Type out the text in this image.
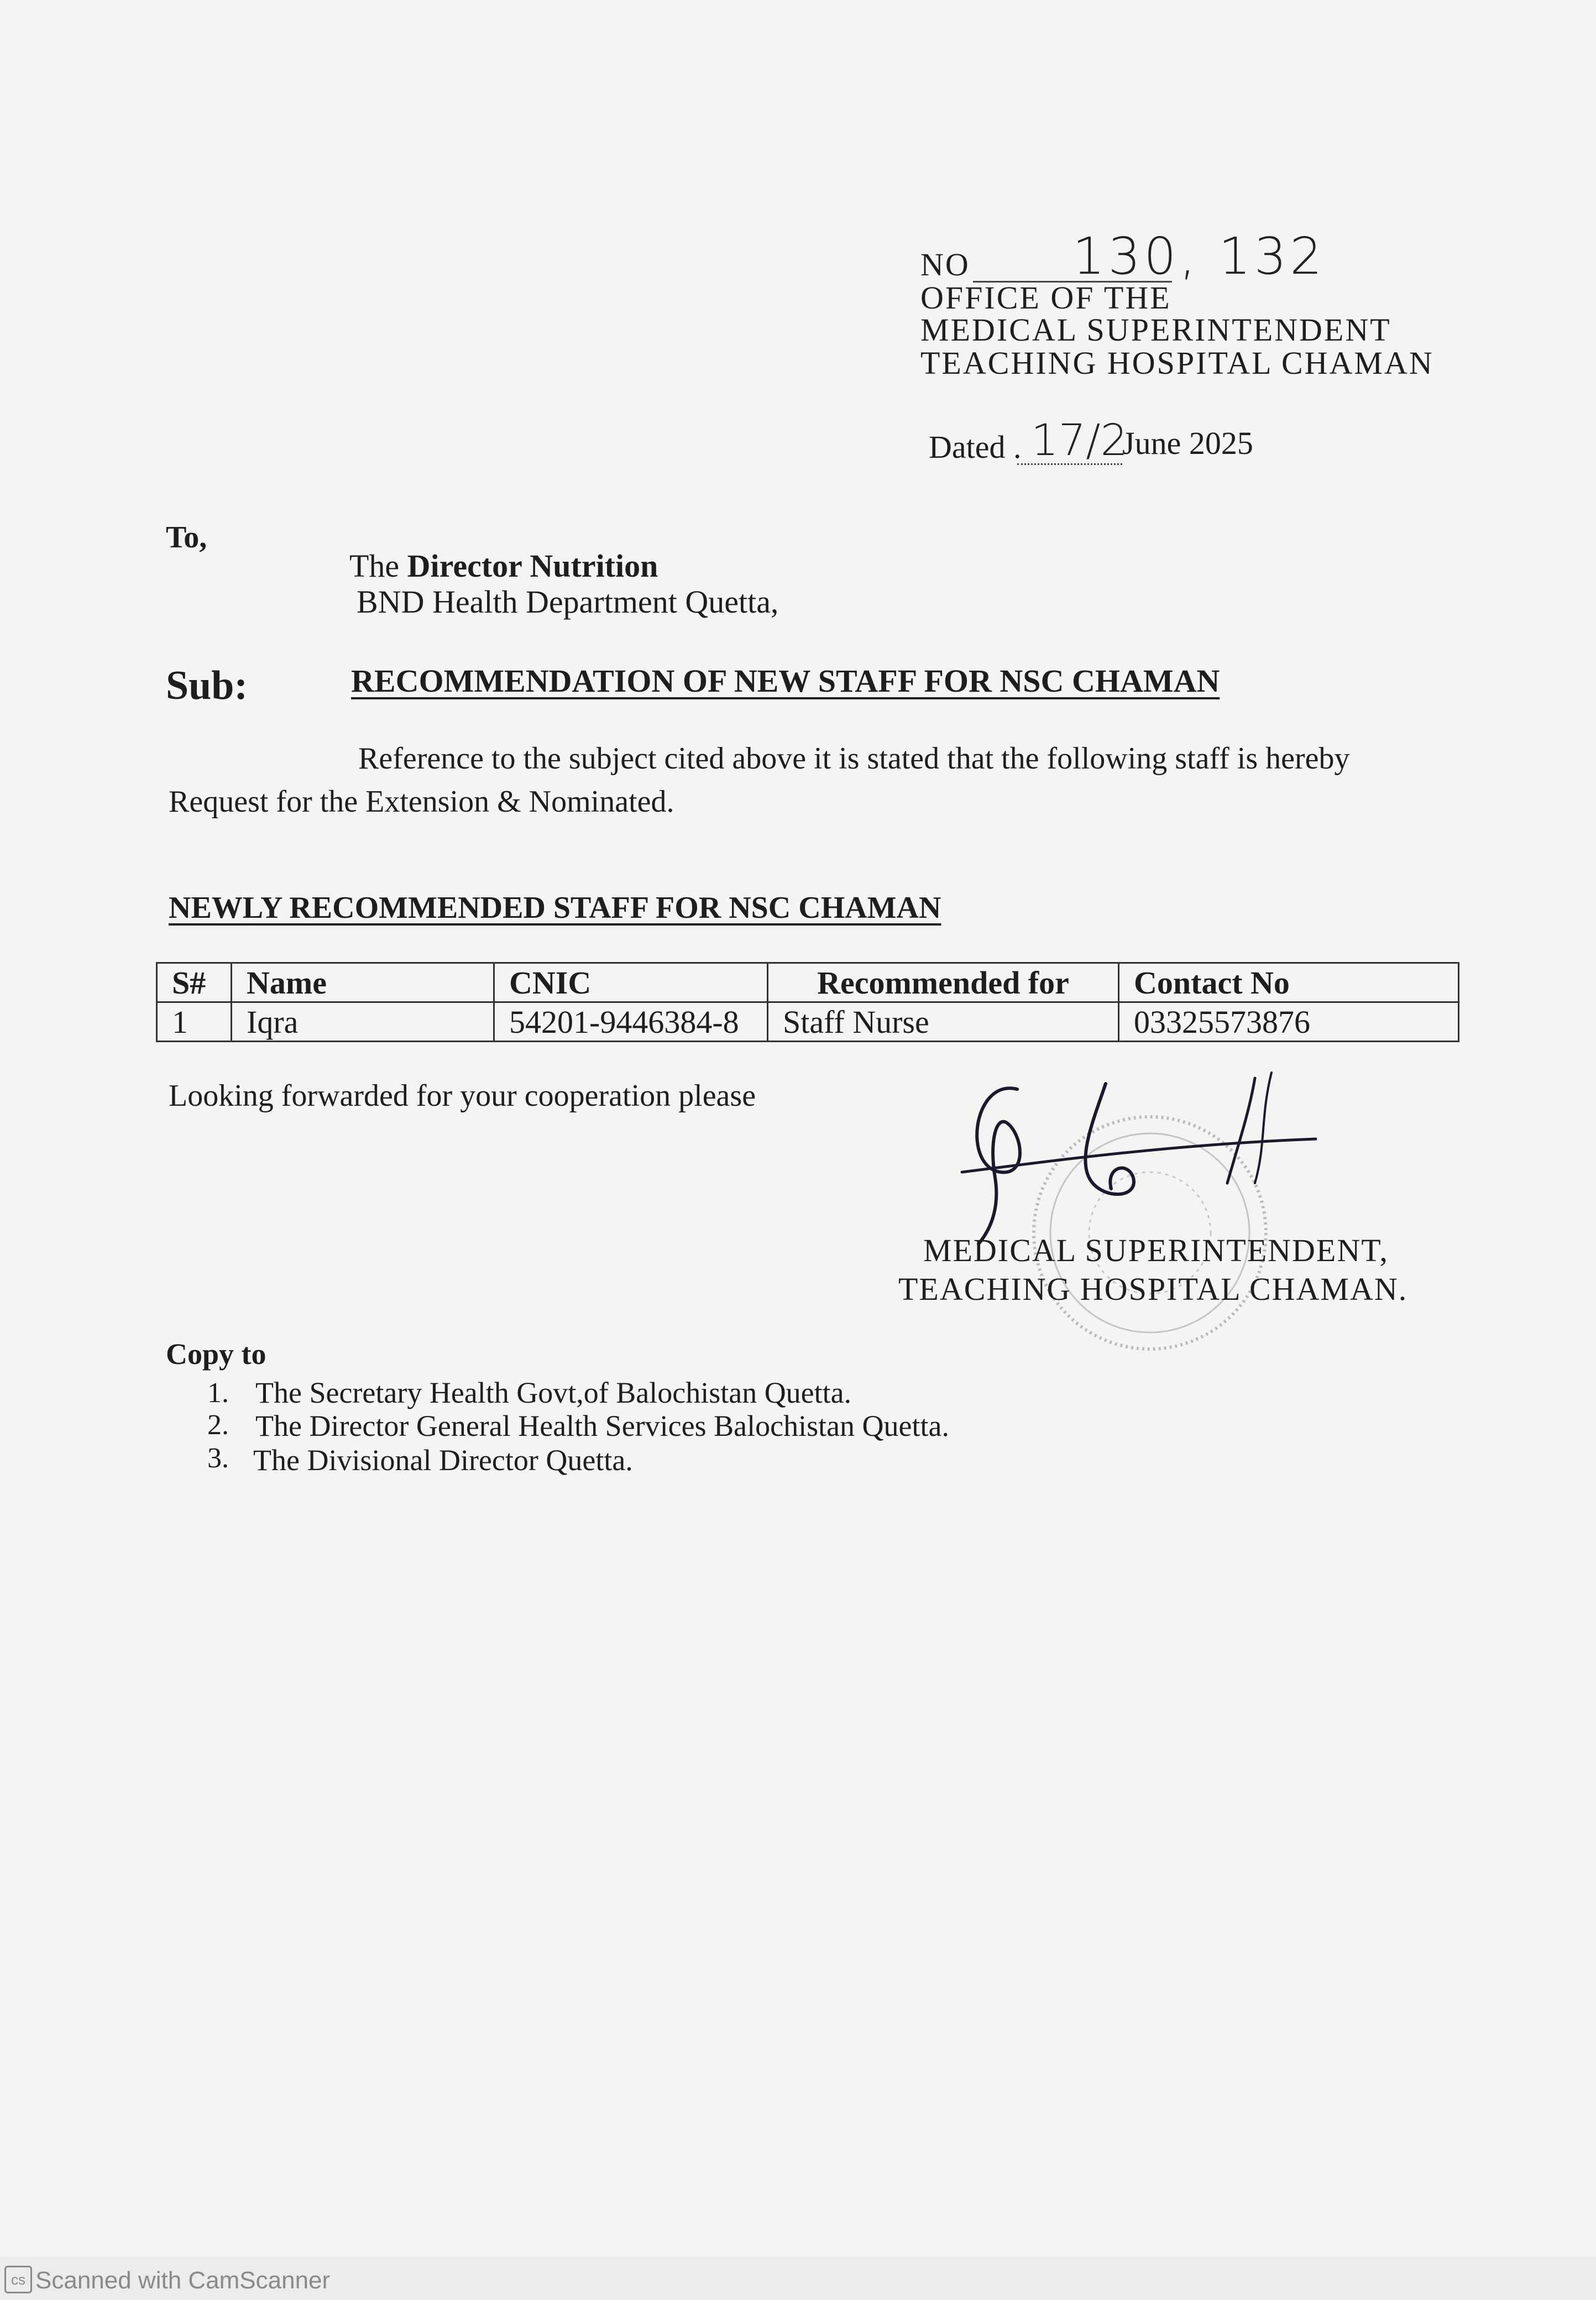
NO 130, 132
OFFICE OF THE
MEDICAL SUPERINTENDENT
TEACHING HOSPITAL CHAMAN
Dated . 17/2
June 2025
To,
The Director Nutrition
BND Health Department Quetta,
Sub:	RECOMMENDATION OF NEW STAFF FOR NSC CHAMAN
Reference to the subject cited above it is stated that the following staff is hereby
Request for the Extension & Nominated.
NEWLY RECOMMENDED STAFF FOR NSC CHAMAN
S#	Name	CNIC	Recommended for	Contact No
1	Iqra	54201-9446384-8	Staff Nurse	03325573876
Looking forwarded for your cooperation please
MEDICAL SUPERINTENDENT,
TEACHING HOSPITAL CHAMAN.
Copy to
1. The Secretary Health Govt,of Balochistan Quetta.
2. The Director General Health Services Balochistan Quetta.
3. The Divisional Director Quetta.
cs Scanned with CamScanner
